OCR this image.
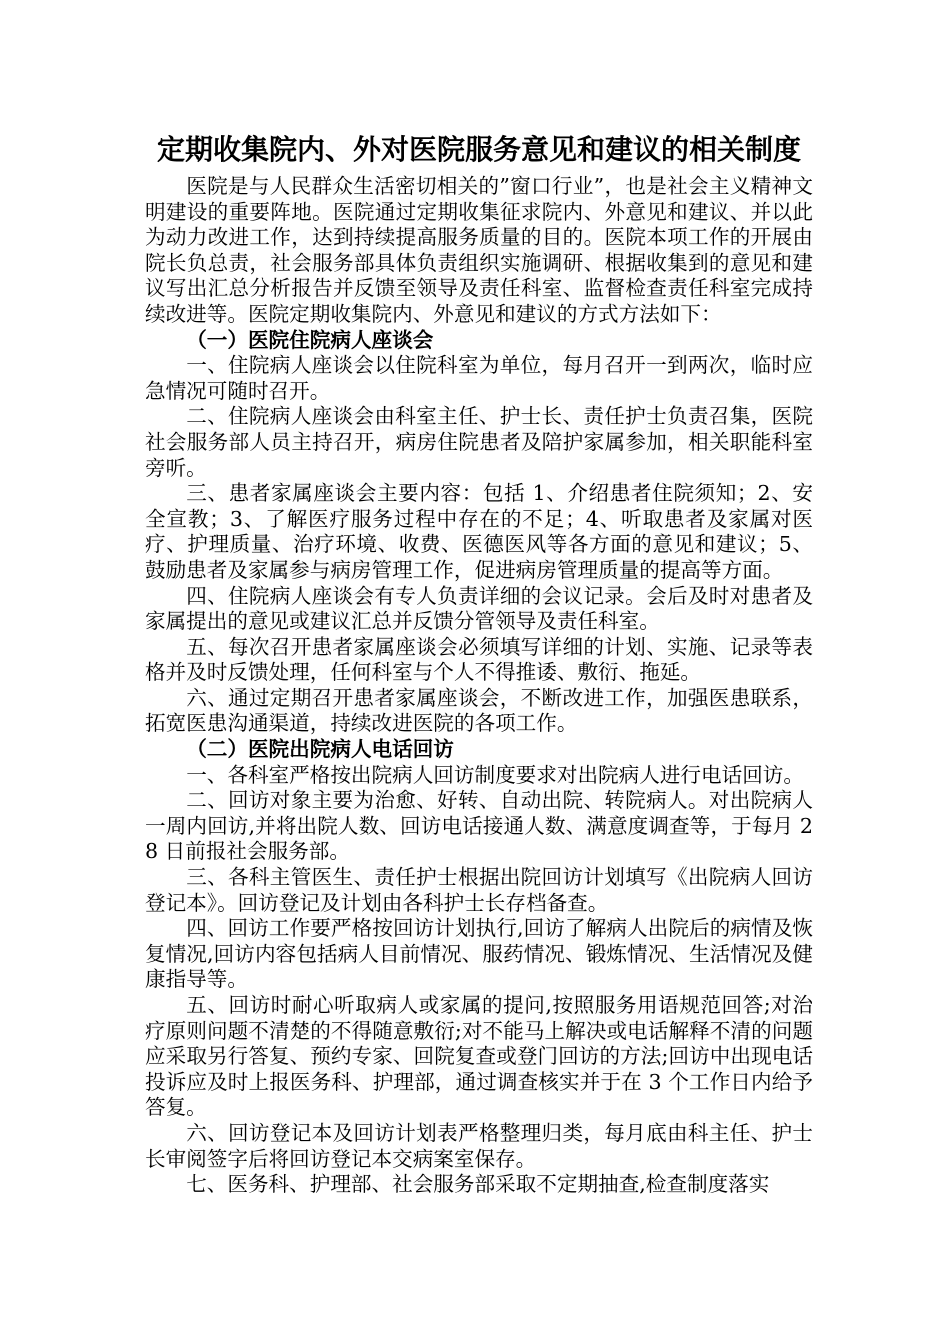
定期收集院内、外对医院服务意见和建议的相关制度

医院是与人民群众生活密切相关的”窗口行业”，也是社会主义精神文明建设的重要阵地。医院通过定期收集征求院内、外意见和建议、并以此为动力改进工作，达到持续提高服务质量的目的。医院本项工作的开展由院长负总责，社会服务部具体负责组织实施调研、根据收集到的意见和建议写出汇总分析报告并反馈至领导及责任科室、监督检查责任科室完成持续改进等。医院定期收集院内、外意见和建议的方式方法如下：

（一）医院住院病人座谈会

一、住院病人座谈会以住院科室为单位，每月召开一到两次，临时应急情况可随时召开。

二、住院病人座谈会由科室主任、护士长、责任护士负责召集，医院社会服务部人员主持召开，病房住院患者及陪护家属参加，相关职能科室旁听。

三、患者家属座谈会主要内容：包括 1、介绍患者住院须知；2、安全宣教；3、了解医疗服务过程中存在的不足；4、听取患者及家属对医疗、护理质量、治疗环境、收费、医德医风等各方面的意见和建议；5、鼓励患者及家属参与病房管理工作，促进病房管理质量的提高等方面。

四、住院病人座谈会有专人负责详细的会议记录。会后及时对患者及家属提出的意见或建议汇总并反馈分管领导及责任科室。

五、每次召开患者家属座谈会必须填写详细的计划、实施、记录等表格并及时反馈处理，任何科室与个人不得推诿、敷衍、拖延。

六、通过定期召开患者家属座谈会，不断改进工作，加强医患联系，拓宽医患沟通渠道，持续改进医院的各项工作。

（二）医院出院病人电话回访

一、各科室严格按出院病人回访制度要求对出院病人进行电话回访。

二、回访对象主要为治愈、好转、自动出院、转院病人。对出院病人一周内回访,并将出院人数、回访电话接通人数、满意度调查等，于每月 28 日前报社会服务部。

三、各科主管医生、责任护士根据出院回访计划填写《出院病人回访登记本》。回访登记及计划由各科护士长存档备查。

四、回访工作要严格按回访计划执行,回访了解病人出院后的病情及恢复情况,回访内容包括病人目前情况、服药情况、锻炼情况、生活情况及健康指导等。

五、回访时耐心听取病人或家属的提问,按照服务用语规范回答;对治疗原则问题不清楚的不得随意敷衍;对不能马上解决或电话解释不清的问题应采取另行答复、预约专家、回院复查或登门回访的方法;回访中出现电话投诉应及时上报医务科、护理部，通过调查核实并于在 3 个工作日内给予答复。

六、回访登记本及回访计划表严格整理归类，每月底由科主任、护士长审阅签字后将回访登记本交病案室保存。

七、医务科、护理部、社会服务部采取不定期抽查,检查制度落实
